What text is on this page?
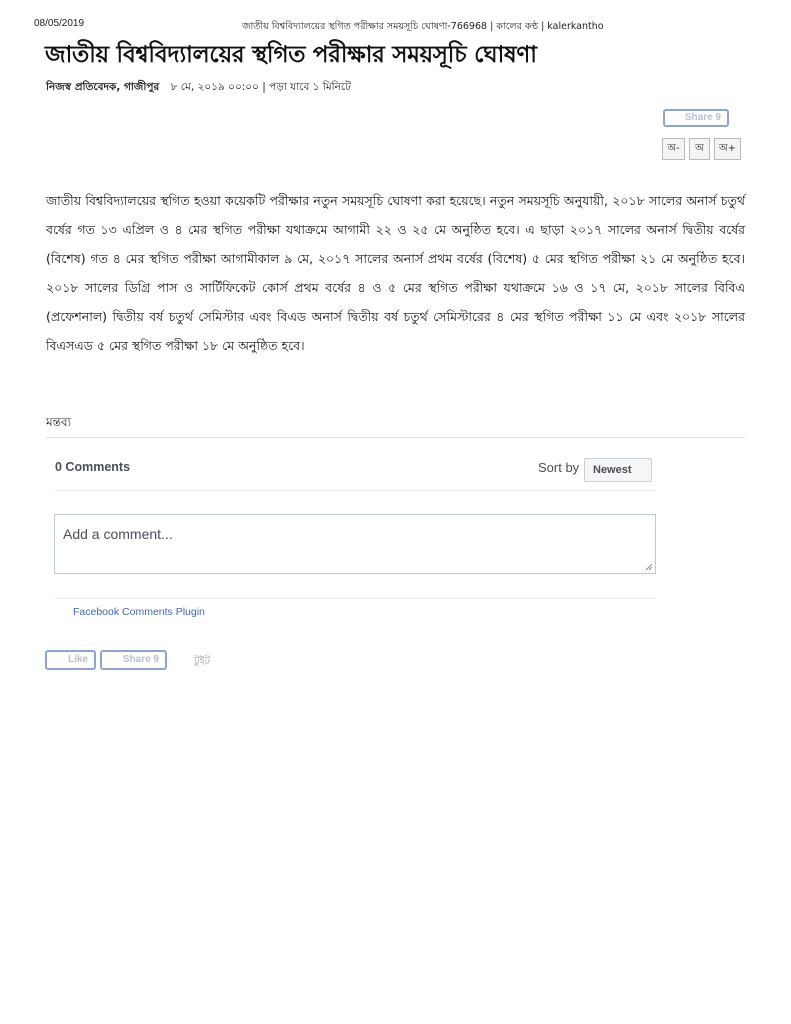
08/05/2019	জাতীয় বিশ্ববিদ্যালয়ের স্থগিত পরীক্ষার সময়সূচি ঘোষণা-766968 | কালের কণ্ঠ | kalerkantho
জাতীয় বিশ্ববিদ্যালয়ের স্থগিত পরীক্ষার সময়সূচি ঘোষণা
নিজস্ব প্রতিবেদক, গাজীপুর ৮ মে, ২০১৯ ০০:০০ | পড়া যাবে ১ মিনিটে
Share 9
অ-	অ	অ+

জাতীয় বিশ্ববিদ্যালয়ের স্থগিত হওয়া কয়েকটি পরীক্ষার নতুন সময়সূচি ঘোষণা করা হয়েছে। নতুন সময়সূচি অনুযায়ী, ২০১৮ সালের অনার্স চতুর্থ বর্ষের গত ১৩ এপ্রিল ও ৪ মের স্থগিত পরীক্ষা যথাক্রমে আগামী ২২ ও ২৫ মে অনুষ্ঠিত হবে। এ ছাড়া ২০১৭ সালের অনার্স দ্বিতীয় বর্ষের (বিশেষ) গত ৪ মের স্থগিত পরীক্ষা আগামীকাল ৯ মে, ২০১৭ সালের অনার্স প্রথম বর্ষের (বিশেষ) ৫ মের স্থগিত পরীক্ষা ২১ মে অনুষ্ঠিত হবে। ২০১৮ সালের ডিগ্রি পাস ও সার্টিফিকেট কোর্স প্রথম বর্ষের ৪ ও ৫ মের স্থগিত পরীক্ষা যথাক্রমে ১৬ ও ১৭ মে, ২০১৮ সালের বিবিএ (প্রফেশনাল) দ্বিতীয় বর্ষ চতুর্থ সেমিস্টার এবং বিএড অনার্স দ্বিতীয় বর্ষ চতুর্থ সেমিস্টারের ৪ মের স্থগিত পরীক্ষা ১১ মে এবং ২০১৮ সালের বিএসএড ৫ মের স্থগিত পরীক্ষা ১৮ মে অনুষ্ঠিত হবে।

মন্তব্য
0 Comments	Sort by	Newest
Add a comment...
Facebook Comments Plugin
Like	Share 9	টুইট
